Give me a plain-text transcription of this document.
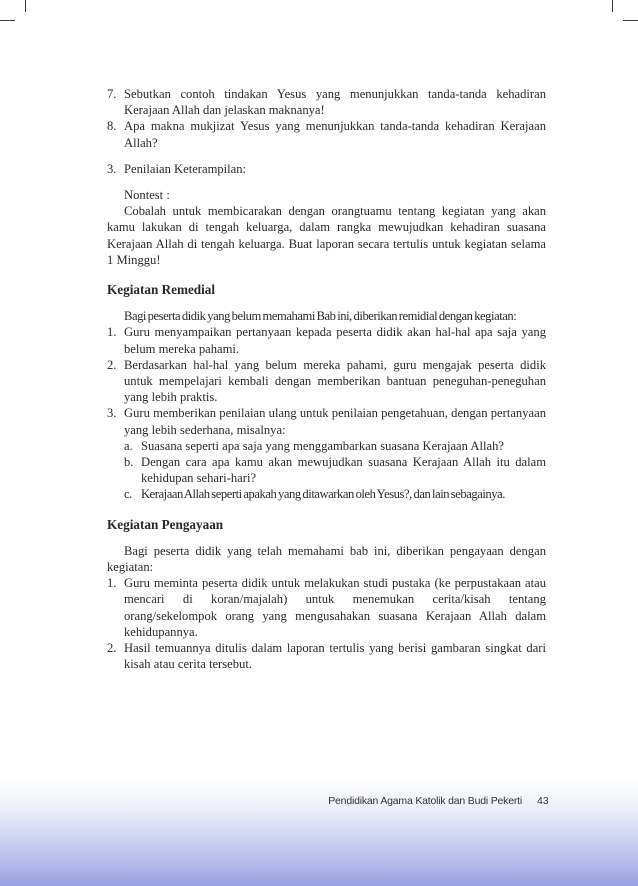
7. Sebutkan contoh tindakan Yesus yang menunjukkan tanda-tanda kehadiran Kerajaan Allah dan jelaskan maknanya!
8. Apa makna mukjizat Yesus yang menunjukkan tanda-tanda kehadiran Kerajaan Allah?
3. Penilaian Keterampilan:
Nontest :
Cobalah untuk membicarakan dengan orangtuamu tentang kegiatan yang akan kamu lakukan di tengah keluarga, dalam rangka mewujudkan kehadiran suasana Kerajaan Allah di tengah keluarga. Buat laporan secara tertulis untuk kegiatan selama 1 Minggu!
Kegiatan Remedial
Bagi peserta didik yang belum memahami Bab ini, diberikan remidial dengan kegiatan:
1. Guru menyampaikan pertanyaan kepada peserta didik akan hal-hal apa saja yang belum mereka pahami.
2. Berdasarkan hal-hal yang belum mereka pahami, guru mengajak peserta didik untuk mempelajari kembali dengan memberikan bantuan peneguhan-peneguhan yang lebih praktis.
3. Guru memberikan penilaian ulang untuk penilaian pengetahuan, dengan pertanyaan yang lebih sederhana, misalnya:
a. Suasana seperti apa saja yang menggambarkan suasana Kerajaan Allah?
b. Dengan cara apa kamu akan mewujudkan suasana Kerajaan Allah itu dalam kehidupan sehari-hari?
c. Kerajaan Allah seperti apakah yang ditawarkan oleh Yesus?, dan lain sebagainya.
Kegiatan Pengayaan
Bagi peserta didik yang telah memahami bab ini, diberikan pengayaan dengan kegiatan:
1. Guru meminta peserta didik untuk melakukan studi pustaka (ke perpustakaan atau mencari di koran/majalah) untuk menemukan cerita/kisah tentang orang/sekelompok orang yang mengusahakan suasana Kerajaan Allah dalam kehidupannya.
2. Hasil temuannya ditulis dalam laporan tertulis yang berisi gambaran singkat dari kisah atau cerita tersebut.
Pendidikan Agama Katolik dan Budi Pekerti 43
